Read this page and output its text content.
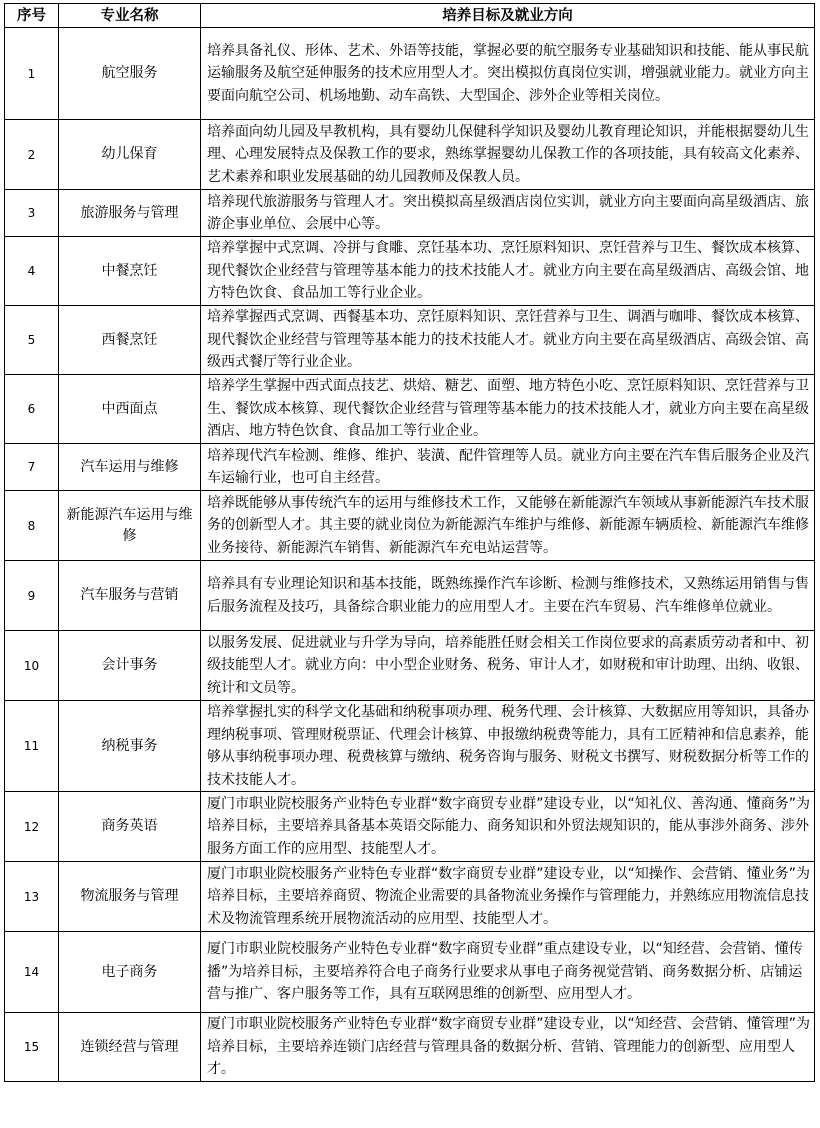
序号	专业名称	培养目标及就业方向
1	航空服务	培养具备礼仪、形体、艺术、外语等技能，掌握必要的航空服务专业基础知识和技能、能从事民航运输服务及航空延伸服务的技术应用型人才。突出模拟仿真岗位实训，增强就业能力。就业方向主要面向航空公司、机场地勤、动车高铁、大型国企、涉外企业等相关岗位。
2	幼儿保育	培养面向幼儿园及早教机构，具有婴幼儿保健科学知识及婴幼儿教育理论知识，并能根据婴幼儿生理、心理发展特点及保教工作的要求，熟练掌握婴幼儿保教工作的各项技能，具有较高文化素养、艺术素养和职业发展基础的幼儿园教师及保教人员。
3	旅游服务与管理	培养现代旅游服务与管理人才。突出模拟高星级酒店岗位实训，就业方向主要面向高星级酒店、旅游企事业单位、会展中心等。
4	中餐烹饪	培养掌握中式烹调、冷拼与食雕、烹饪基本功、烹饪原料知识、烹饪营养与卫生、餐饮成本核算、现代餐饮企业经营与管理等基本能力的技术技能人才。就业方向主要在高星级酒店、高级会馆、地方特色饮食、食品加工等行业企业。
5	西餐烹饪	培养掌握西式烹调、西餐基本功、烹饪原料知识、烹饪营养与卫生、调酒与咖啡、餐饮成本核算、现代餐饮企业经营与管理等基本能力的技术技能人才。就业方向主要在高星级酒店、高级会馆、高级西式餐厅等行业企业。
6	中西面点	培养学生掌握中西式面点技艺、烘焙、糖艺、面塑、地方特色小吃、烹饪原料知识、烹饪营养与卫生、餐饮成本核算、现代餐饮企业经营与管理等基本能力的技术技能人才，就业方向主要在高星级酒店、地方特色饮食、食品加工等行业企业。
7	汽车运用与维修	培养现代汽车检测、维修、维护、装潢、配件管理等人员。就业方向主要在汽车售后服务企业及汽车运输行业，也可自主经营。
8	新能源汽车运用与维修	培养既能够从事传统汽车的运用与维修技术工作，又能够在新能源汽车领域从事新能源汽车技术服务的创新型人才。其主要的就业岗位为新能源汽车维护与维修、新能源车辆质检、新能源汽车维修业务接待、新能源汽车销售、新能源汽车充电站运营等。
9	汽车服务与营销	培养具有专业理论知识和基本技能，既熟练操作汽车诊断、检测与维修技术，又熟练运用销售与售后服务流程及技巧，具备综合职业能力的应用型人才。主要在汽车贸易、汽车维修单位就业。
10	会计事务	以服务发展、促进就业与升学为导向，培养能胜任财会相关工作岗位要求的高素质劳动者和中、初级技能型人才。就业方向：中小型企业财务、税务、审计人才，如财税和审计助理、出纳、收银、统计和文员等。
11	纳税事务	培养掌握扎实的科学文化基础和纳税事项办理、税务代理、会计核算、大数据应用等知识，具备办理纳税事项、管理财税票证、代理会计核算、申报缴纳税费等能力，具有工匠精神和信息素养，能够从事纳税事项办理、税费核算与缴纳、税务咨询与服务、财税文书撰写、财税数据分析等工作的技术技能人才。
12	商务英语	厦门市职业院校服务产业特色专业群“数字商贸专业群”建设专业，以“知礼仪、善沟通、懂商务”为培养目标，主要培养具备基本英语交际能力、商务知识和外贸法规知识的，能从事涉外商务、涉外服务方面工作的应用型、技能型人才。
13	物流服务与管理	厦门市职业院校服务产业特色专业群“数字商贸专业群”建设专业，以“知操作、会营销、懂业务”为培养目标，主要培养商贸、物流企业需要的具备物流业务操作与管理能力，并熟练应用物流信息技术及物流管理系统开展物流活动的应用型、技能型人才。
14	电子商务	厦门市职业院校服务产业特色专业群“数字商贸专业群”重点建设专业，以“知经营、会营销、懂传播”为培养目标，主要培养符合电子商务行业要求从事电子商务视觉营销、商务数据分析、店铺运营与推广、客户服务等工作，具有互联网思维的创新型、应用型人才。
15	连锁经营与管理	厦门市职业院校服务产业特色专业群“数字商贸专业群”建设专业，以“知经营、会营销、懂管理”为培养目标，主要培养连锁门店经营与管理具备的数据分析、营销、管理能力的创新型、应用型人才。
